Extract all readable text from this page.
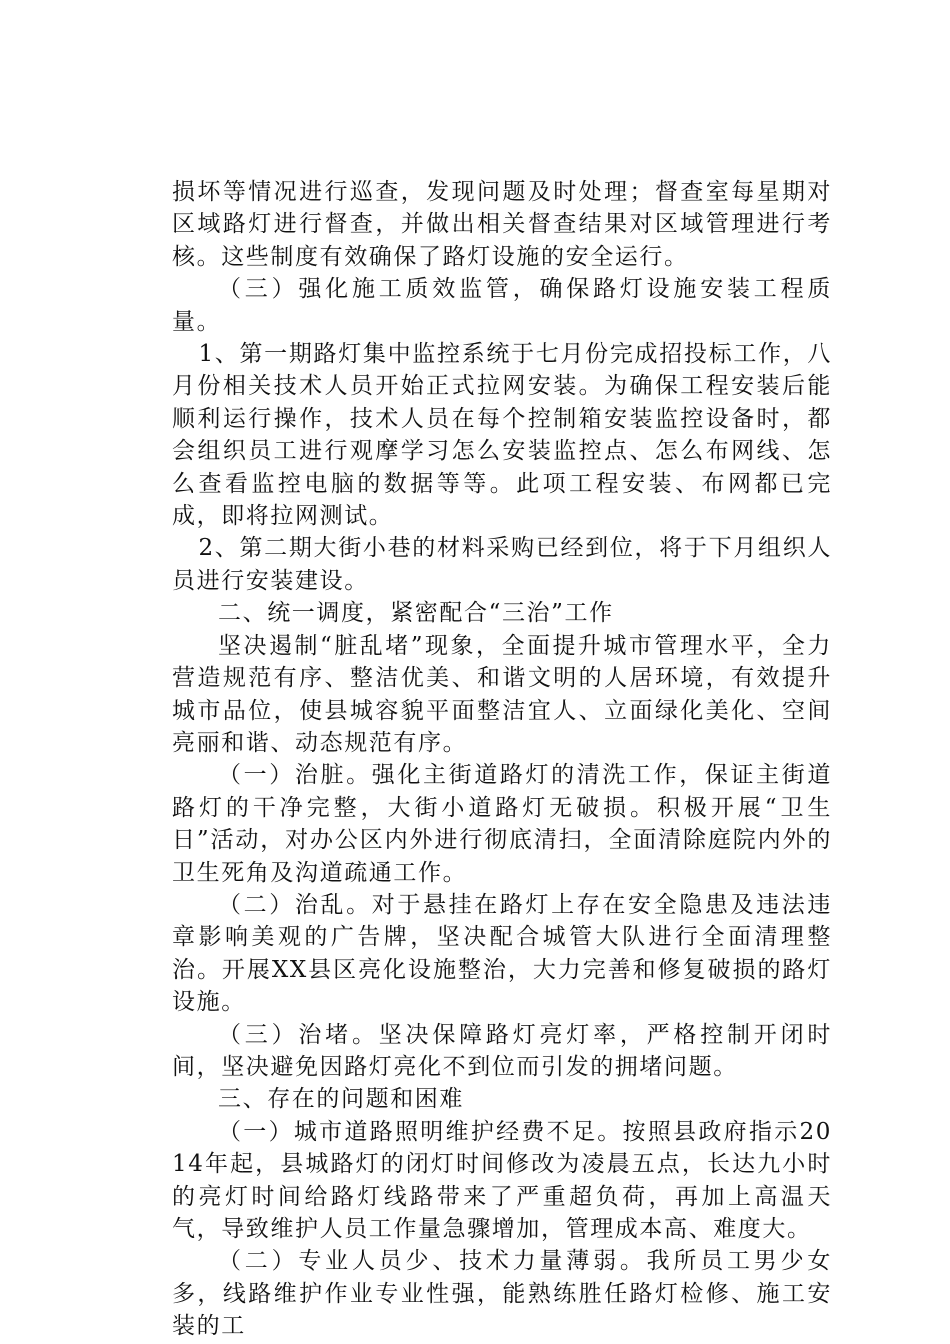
损坏等情况进行巡查，发现问题及时处理；督查室每星期对区域路灯进行督查，并做出相关督查结果对区域管理进行考核。这些制度有效确保了路灯设施的安全运行。

（三）强化施工质效监管，确保路灯设施安装工程质量。

1、第一期路灯集中监控系统于七月份完成招投标工作，八月份相关技术人员开始正式拉网安装。为确保工程安装后能顺利运行操作，技术人员在每个控制箱安装监控设备时，都会组织员工进行观摩学习怎么安装监控点、怎么布网线、怎么查看监控电脑的数据等等。此项工程安装、布网都已完成，即将拉网测试。

2、第二期大街小巷的材料采购已经到位，将于下月组织人员进行安装建设。

二、统一调度，紧密配合“三治”工作

坚决遏制“脏乱堵”现象，全面提升城市管理水平，全力营造规范有序、整洁优美、和谐文明的人居环境，有效提升城市品位，使县城容貌平面整洁宜人、立面绿化美化、空间亮丽和谐、动态规范有序。

（一）治脏。强化主街道路灯的清洗工作，保证主街道路灯的干净完整，大街小道路灯无破损。积极开展“卫生日”活动，对办公区内外进行彻底清扫，全面清除庭院内外的卫生死角及沟道疏通工作。

（二）治乱。对于悬挂在路灯上存在安全隐患及违法违章影响美观的广告牌，坚决配合城管大队进行全面清理整治。开展XX县区亮化设施整治，大力完善和修复破损的路灯设施。

（三）治堵。坚决保障路灯亮灯率，严格控制开闭时间，坚决避免因路灯亮化不到位而引发的拥堵问题。

三、存在的问题和困难

（一）城市道路照明维护经费不足。按照县政府指示2014年起，县城路灯的闭灯时间修改为凌晨五点，长达九小时的亮灯时间给路灯线路带来了严重超负荷，再加上高温天气，导致维护人员工作量急骤增加，管理成本高、难度大。

（二）专业人员少、技术力量薄弱。我所员工男少女多，线路维护作业专业性强，能熟练胜任路灯检修、施工安装的工
